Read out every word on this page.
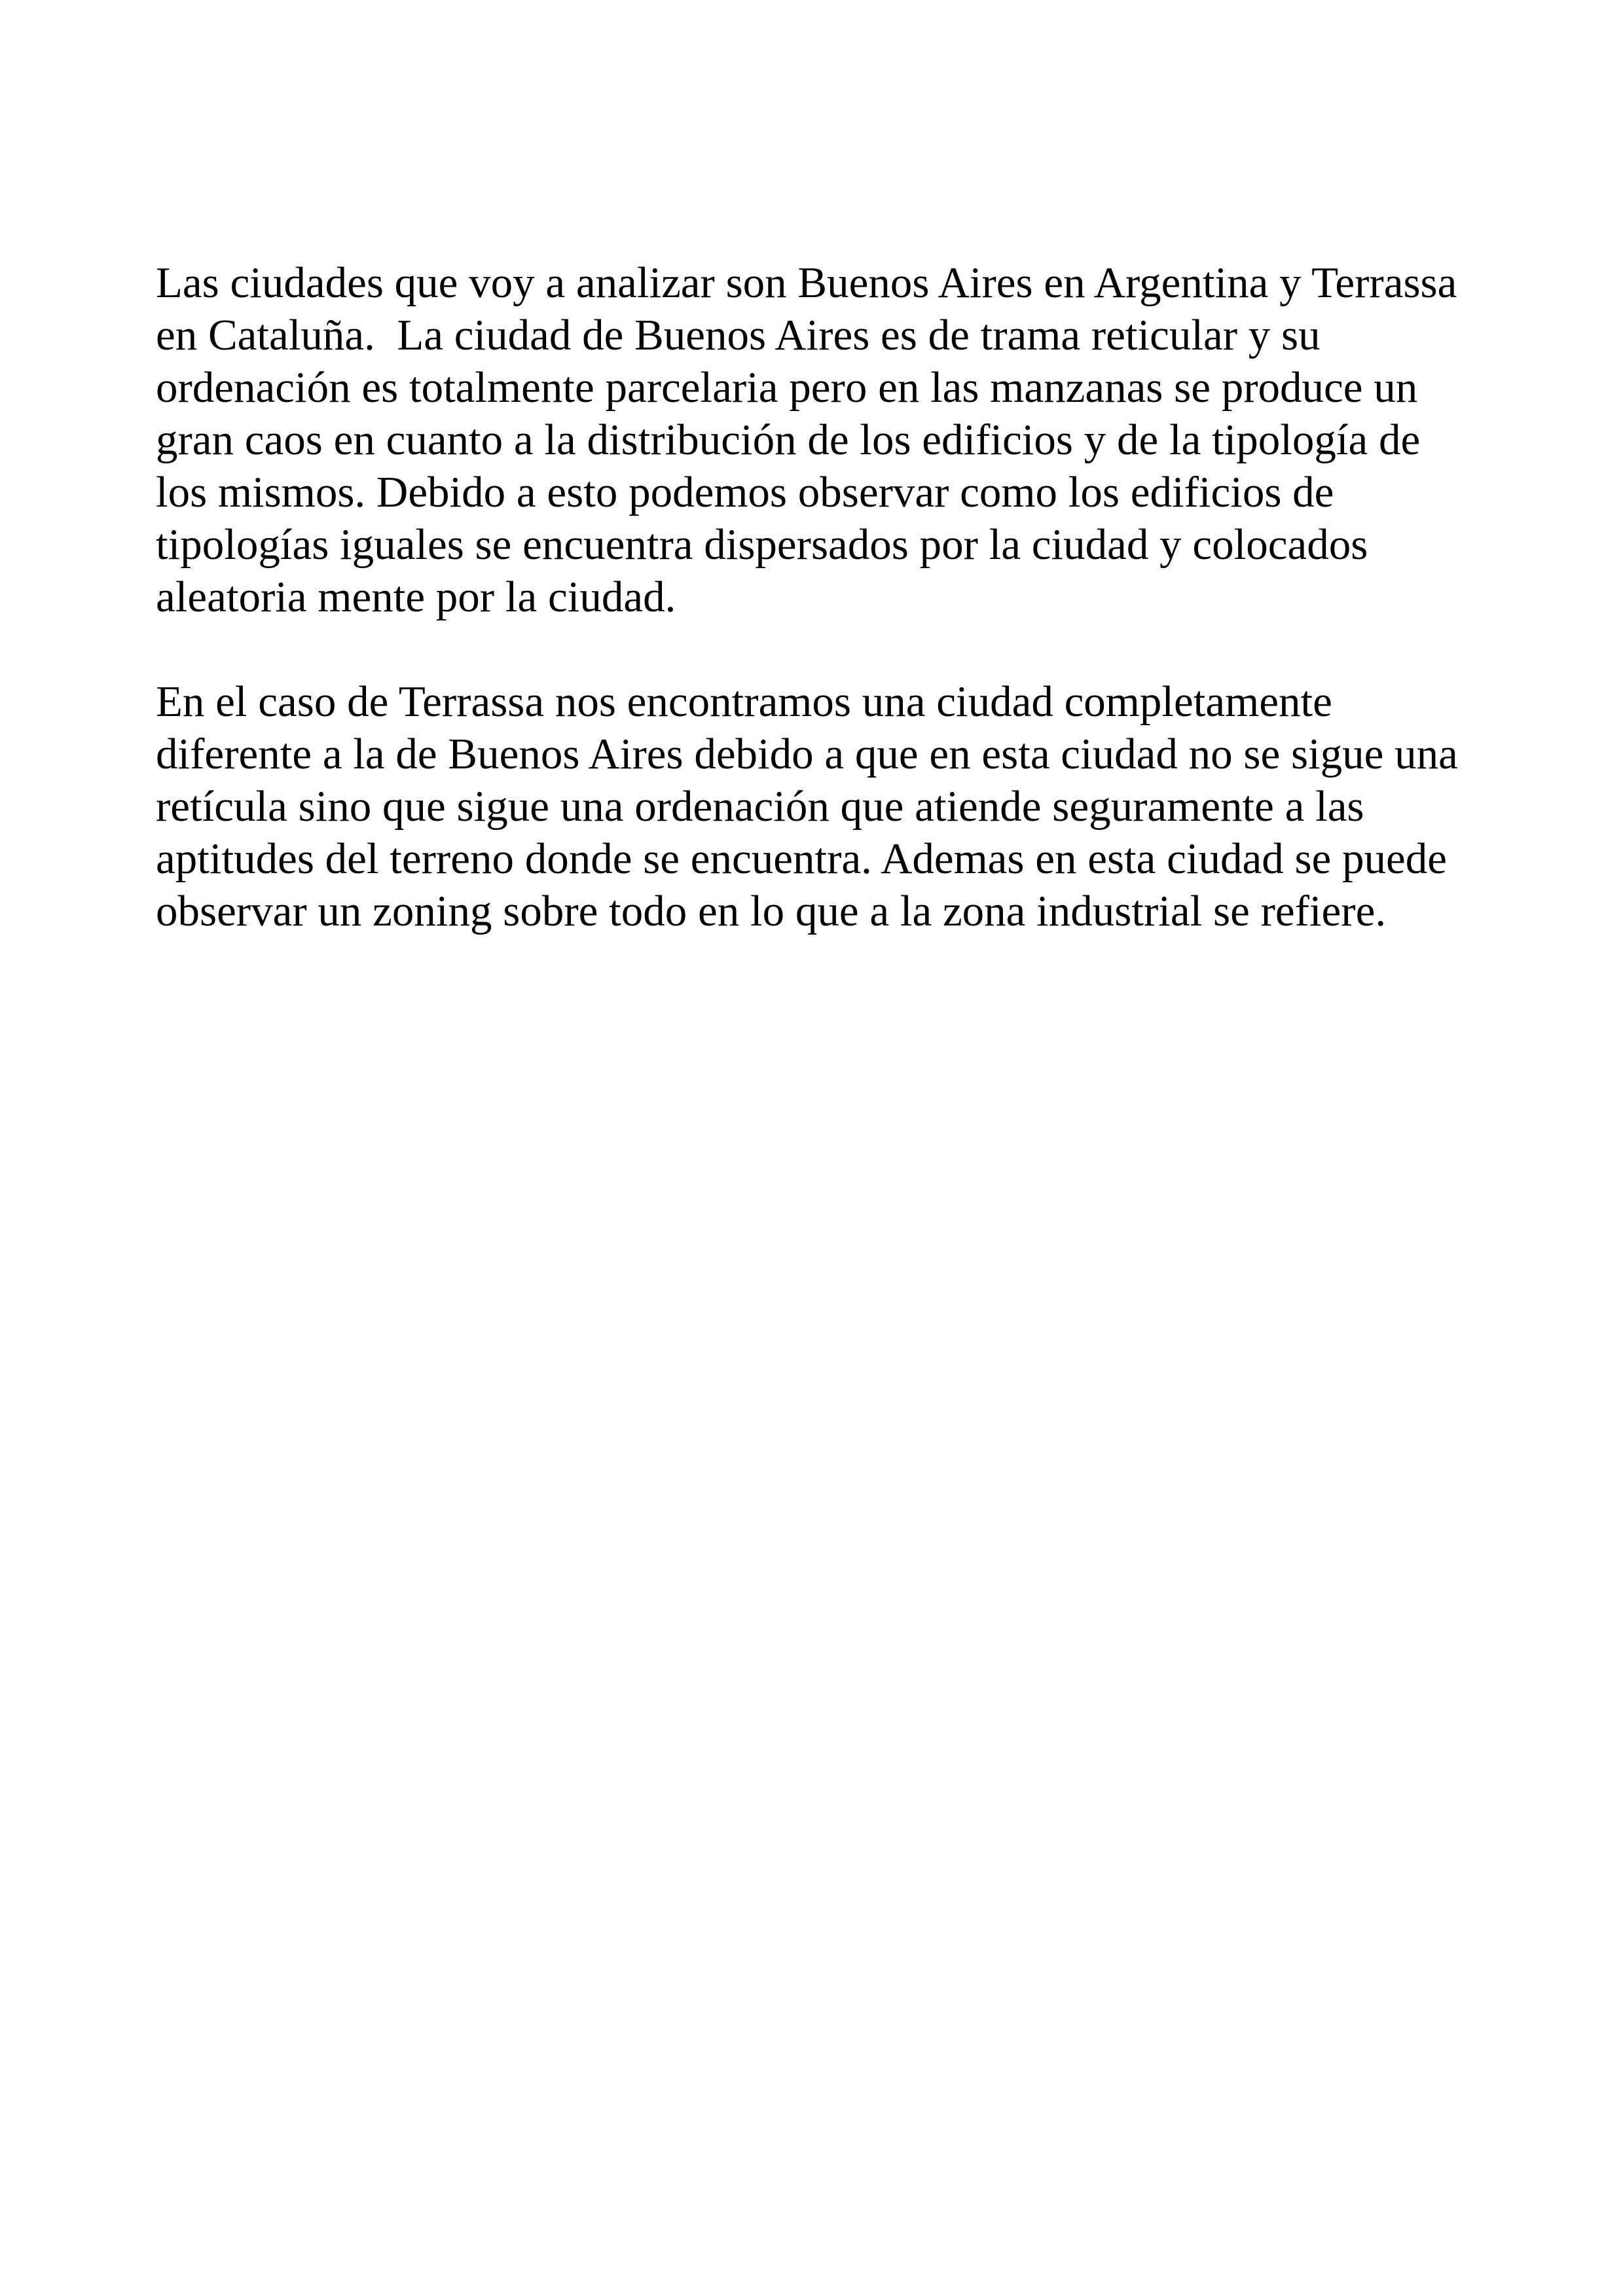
Las ciudades que voy a analizar son Buenos Aires en Argentina y Terrassa
en Cataluña.  La ciudad de Buenos Aires es de trama reticular y su
ordenación es totalmente parcelaria pero en las manzanas se produce un
gran caos en cuanto a la distribución de los edificios y de la tipología de
los mismos. Debido a esto podemos observar como los edificios de
tipologías iguales se encuentra dispersados por la ciudad y colocados
aleatoria mente por la ciudad.

En el caso de Terrassa nos encontramos una ciudad completamente
diferente a la de Buenos Aires debido a que en esta ciudad no se sigue una
retícula sino que sigue una ordenación que atiende seguramente a las
aptitudes del terreno donde se encuentra. Ademas en esta ciudad se puede
observar un zoning sobre todo en lo que a la zona industrial se refiere.
